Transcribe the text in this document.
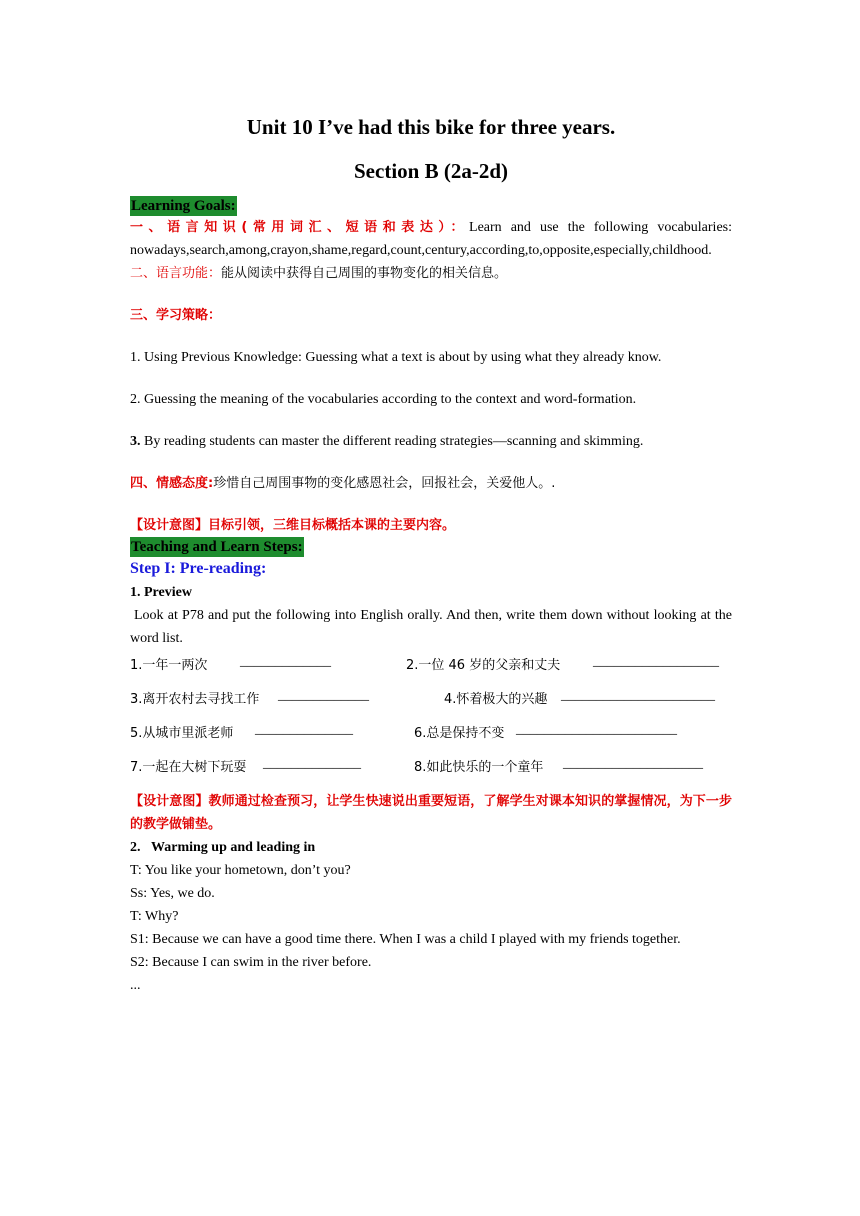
Unit 10 I’ve had this bike for three years.
Section B (2a-2d)
Learning Goals:

一、语言知识(常用词汇、短语和表达）：Learn and use the following vocabularies: nowadays,search,among,crayon,shame,regard,count,century,according,to,opposite,especially,childhood.

二、语言功能：能从阅读中获得自己周围的事物变化的相关信息。

三、学习策略：

1. Using Previous Knowledge: Guessing what a text is about by using what they already know.

2. Guessing the meaning of the vocabularies according to the context and word-formation.

3. By reading students can master the different reading strategies—scanning and skimming.

四、情感态度:珍惜自己周围事物的变化感恩社会，回报社会，关爱他人。.

【设计意图】目标引领，三维目标概括本课的主要内容。

Teaching and Learn Steps:
Step I: Pre-reading:

1. Preview

Look at P78 and put the following into English orally. And then, write them down without looking at the word list.

1.一年一两次 _____________	2.一位 46 岁的父亲和丈夫 __________________
3.离开农村去寻找工作 _____________	4.怀着极大的兴趣 ______________________
5.从城市里派老师 ______________	6.总是保持不变 _______________________
7.一起在大树下玩耍 ______________	8.如此快乐的一个童年 ____________________

【设计意图】教师通过检查预习，让学生快速说出重要短语，了解学生对课本知识的掌握情况，为下一步的教学做铺垫。

2.   Warming up and leading in

T: You like your hometown, don’t you?

Ss: Yes, we do.

T: Why?

S1: Because we can have a good time there. When I was a child I played with my friends together.

S2: Because I can swim in the river before.

...
